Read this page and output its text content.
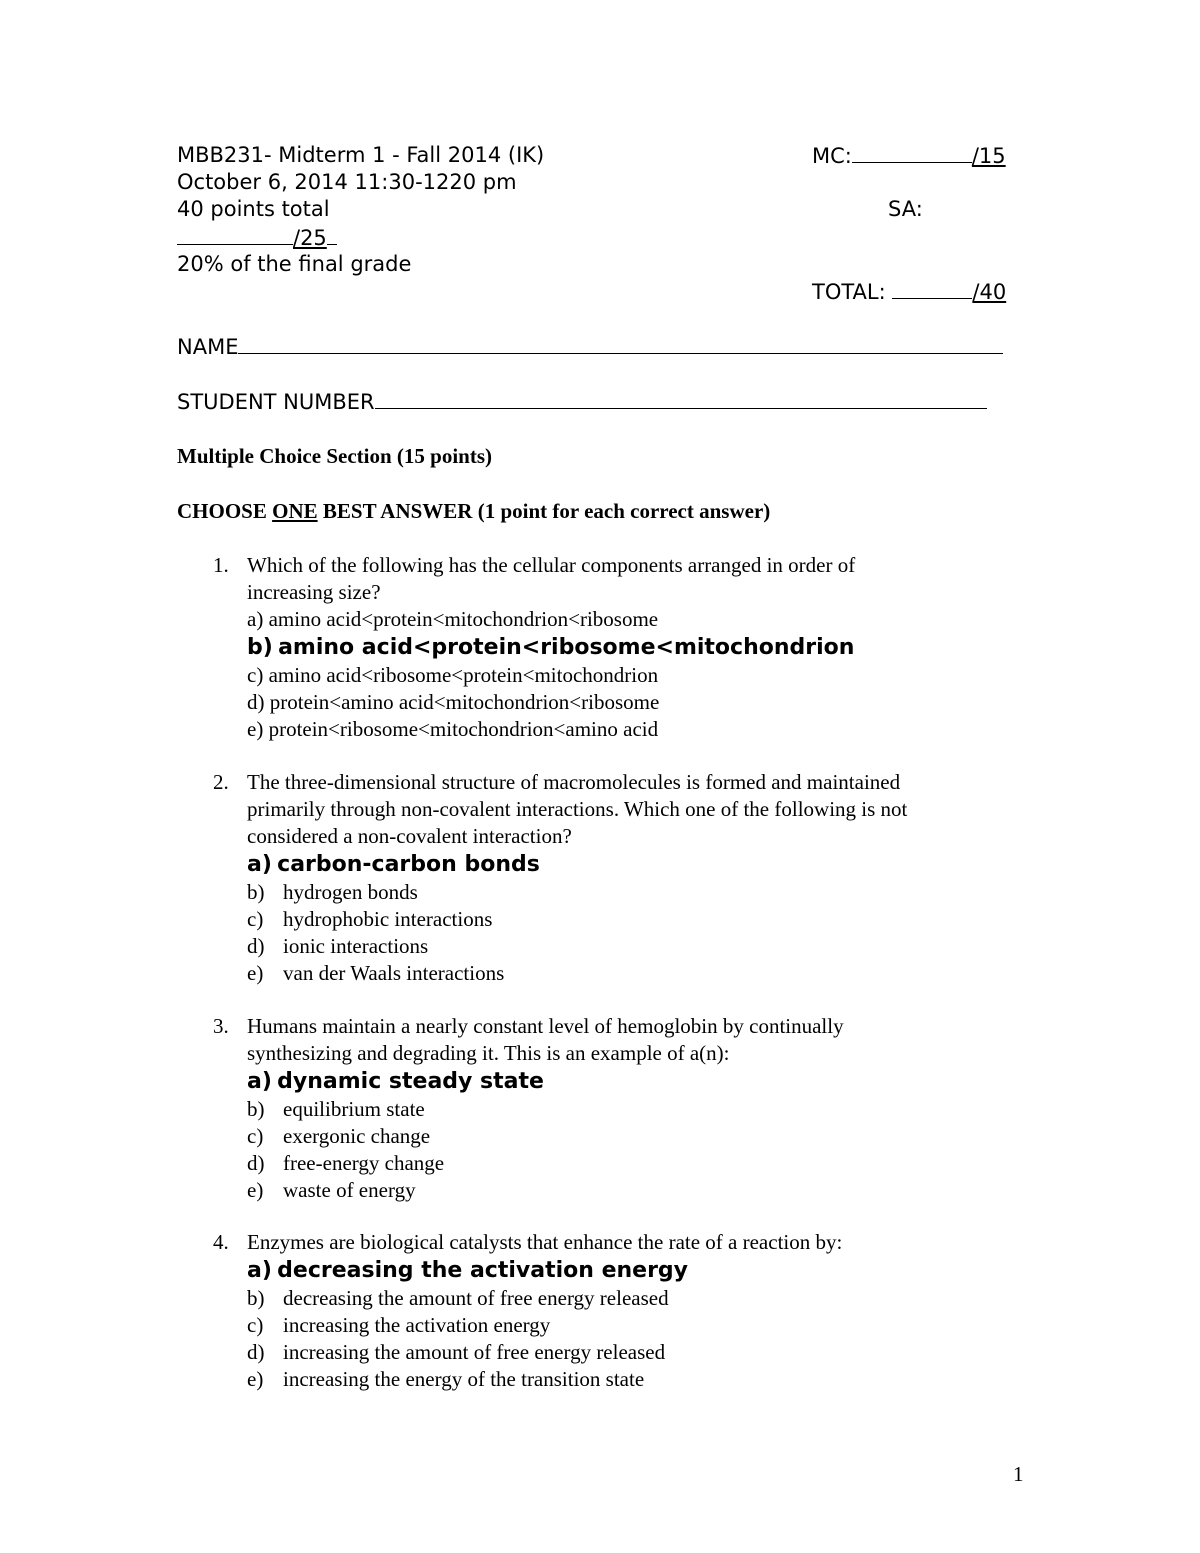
MBB231- Midterm 1 - Fall 2014 (IK)
October 6, 2014 11:30-1220 pm
40 points total
/25
20% of the final grade
MC:	/15
SA:
TOTAL:	/40
NAME
STUDENT NUMBER
Multiple Choice Section (15 points)
CHOOSE ONE BEST ANSWER (1 point for each correct answer)
1. Which of the following has the cellular components arranged in order of
increasing size?
a) amino acid<protein<mitochondrion<ribosome
b) amino acid<protein<ribosome<mitochondrion
c) amino acid<ribosome<protein<mitochondrion
d) protein<amino acid<mitochondrion<ribosome
e) protein<ribosome<mitochondrion<amino acid
2. The three-dimensional structure of macromolecules is formed and maintained
primarily through non-covalent interactions. Which one of the following is not
considered a non-covalent interaction?
a) carbon-carbon bonds
b) hydrogen bonds
c) hydrophobic interactions
d) ionic interactions
e) van der Waals interactions
3. Humans maintain a nearly constant level of hemoglobin by continually
synthesizing and degrading it. This is an example of a(n):
a) dynamic steady state
b) equilibrium state
c) exergonic change
d) free-energy change
e) waste of energy
4. Enzymes are biological catalysts that enhance the rate of a reaction by:
a) decreasing the activation energy
b) decreasing the amount of free energy released
c) increasing the activation energy
d) increasing the amount of free energy released
e) increasing the energy of the transition state
1
